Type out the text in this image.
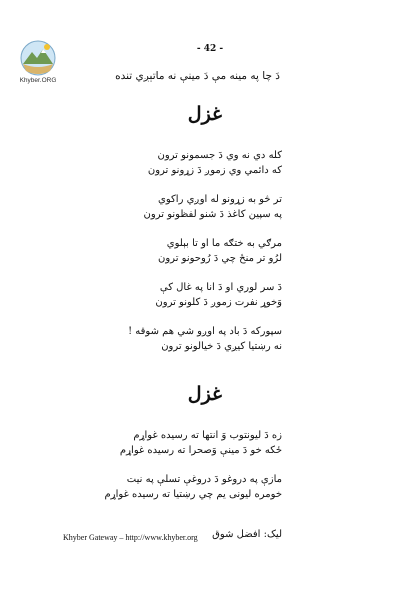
Khyber.ORG
- 42 -
دَ چا په مينه مې دَ مينې نه ماتېږي تنده
غزل
کله دي نه وي دَ جسمونو ترون
که دائمي وي زموږ دَ زړونو ترون
تر څو به زړونو له اوږي راکوي
په سپين کاغذ دَ شنو لفظونو ترون
مرګي به ختګه ما او تا بېلوي
لرُو تر منځ چي دَ رُوحونو ترون
دَ سر لوري او دَ انا په غال کې
وَخوړ نفرت زموږ دَ کلونو ترون
سپورکه دَ باد په اوږو شي هم شوقه !
نه رښتيا کيږي دَ خيالونو ترون
غزل
زه دَ ليونتوب وَ انتها ته رسيده غواړم
ځکه خو دَ مينې وَصحرا ته رسيده غواړم
مازې په دروغو دَ دروغې تسلې په نيت
خومره ليونی يم چي رښتيا ته رسيده غواړم
Khyber Gateway – http://www.khyber.org ليک: افضل شوق
